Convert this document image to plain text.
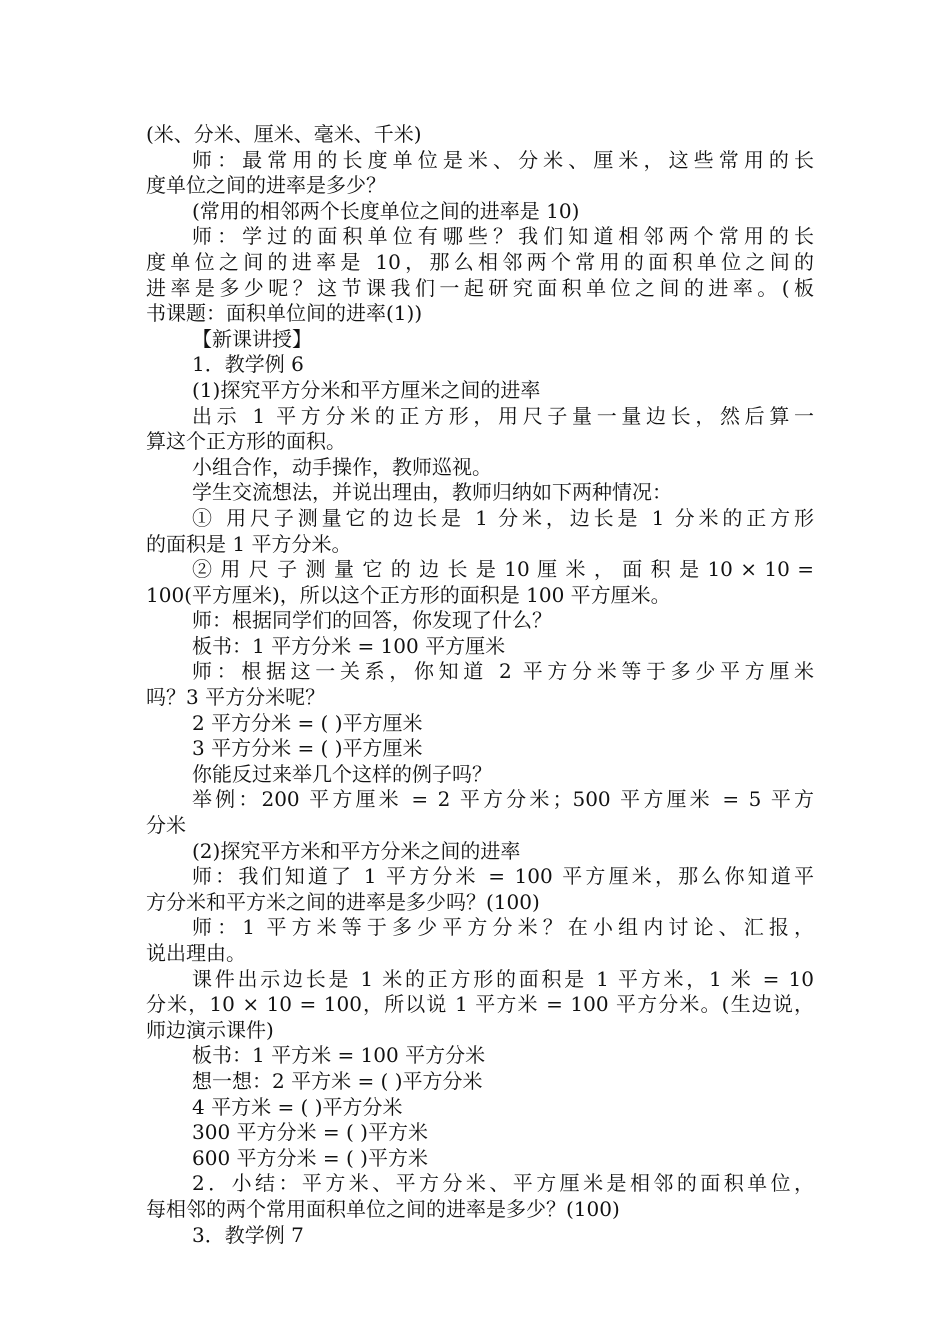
(米、分米、厘米、毫米、千米)
师：最常用的长度单位是米、分米、厘米，这些常用的长
度单位之间的进率是多少？
(常用的相邻两个长度单位之间的进率是 10)
师：学过的面积单位有哪些？我们知道相邻两个常用的长
度单位之间的进率是 10，那么相邻两个常用的面积单位之间的
进率是多少呢？这节课我们一起研究面积单位之间的进率。(板
书课题：面积单位间的进率(1))
【新课讲授】
1．教学例 6
(1)探究平方分米和平方厘米之间的进率
出示 1 平方分米的正方形，用尺子量一量边长，然后算一
算这个正方形的面积。
小组合作，动手操作，教师巡视。
学生交流想法，并说出理由，教师归纳如下两种情况：
① 用尺子测量它的边长是 1 分米，边长是 1 分米的正方形
的面积是 1 平方分米。
② 用 尺 子 测 量 它 的 边 长 是 10 厘 米 ， 面 积 是 10 × 10 =
100(平方厘米)，所以这个正方形的面积是 100 平方厘米。
师：根据同学们的回答，你发现了什么？
板书：1 平方分米 = 100 平方厘米
师：根据这一关系，你知道 2 平方分米等于多少平方厘米
吗？3 平方分米呢？
2 平方分米 = ( )平方厘米
3 平方分米 = ( )平方厘米
你能反过来举几个这样的例子吗？
举例：200 平方厘米 = 2 平方分米；500 平方厘米 = 5 平方
分米
(2)探究平方米和平方分米之间的进率
师：我们知道了 1 平方分米 = 100 平方厘米，那么你知道平
方分米和平方米之间的进率是多少吗？(100)
师：1 平方米等于多少平方分米？在小组内讨论、汇报，
说出理由。
课件出示边长是 1 米的正方形的面积是 1 平方米，1 米 = 10
分米，10 × 10 = 100，所以说 1 平方米 = 100 平方分米。(生边说，
师边演示课件)
板书：1 平方米 = 100 平方分米
想一想：2 平方米 = ( )平方分米
4 平方米 = ( )平方分米
300 平方分米 = ( )平方米
600 平方分米 = ( )平方米
2．小结：平方米、平方分米、平方厘米是相邻的面积单位，
每相邻的两个常用面积单位之间的进率是多少？(100)
3．教学例 7
